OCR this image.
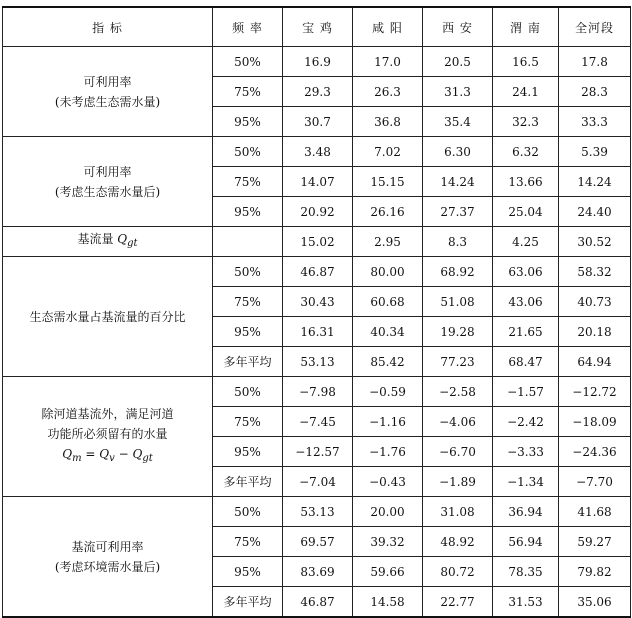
指 标	频 率	宝 鸡	咸 阳	西 安	渭 南	全河段

可利用率
(未考虑生态需水量)	50%	16.9	17.0	20.5	16.5	17.8
	75%	29.3	26.3	31.3	24.1	28.3
	95%	30.7	36.8	35.4	32.3	33.3

可利用率
(考虑生态需水量后)	50%	3.48	7.02	6.30	6.32	5.39
	75%	14.07	15.15	14.24	13.66	14.24
	95%	20.92	26.16	27.37	25.04	24.40
基流量 $Q_{gt}$		15.02	2.95	8.3	4.25	30.52

生态需水量占基流量的百分比	50%	46.87	80.00	68.92	63.06	58.32
	75%	30.43	60.68	51.08	43.06	40.73
	95%	16.31	40.34	19.28	21.65	20.18
	多年平均	53.13	85.42	77.23	68.47	64.94

除河道基流外，满足河道
功能所必须留有的水量
$Q_m = Q_v - Q_{gt}$	50%	−7.98	−0.59	−2.58	−1.57	−12.72
	75%	−7.45	−1.16	−4.06	−2.42	−18.09
	95%	−12.57	−1.76	−6.70	−3.33	−24.36
	多年平均	−7.04	−0.43	−1.89	−1.34	−7.70

基流可利用率
(考虑环境需水量后)	50%	53.13	20.00	31.08	36.94	41.68
	75%	69.57	39.32	48.92	56.94	59.27
	95%	83.69	59.66	80.72	78.35	79.82
	多年平均	46.87	14.58	22.77	31.53	35.06
